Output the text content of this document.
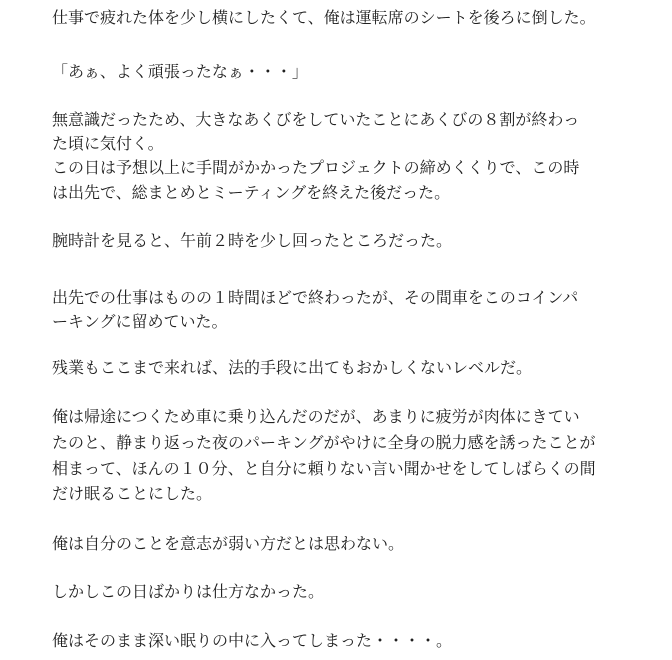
仕事で疲れた体を少し横にしたくて、俺は運転席のシートを後ろに倒した。
「あぁ、よく頑張ったなぁ・・・」
無意識だったため、大きなあくびをしていたことにあくびの８割が終わっ
た頃に気付く。
この日は予想以上に手間がかかったプロジェクトの締めくくりで、この時
は出先で、総まとめとミーティングを終えた後だった。
腕時計を見ると、午前２時を少し回ったところだった。
出先での仕事はものの１時間ほどで終わったが、その間車をこのコインパ
ーキングに留めていた。
残業もここまで来れば、法的手段に出てもおかしくないレベルだ。
俺は帰途につくため車に乗り込んだのだが、あまりに疲労が肉体にきてい
たのと、静まり返った夜のパーキングがやけに全身の脱力感を誘ったことが
相まって、ほんの１０分、と自分に頼りない言い聞かせをしてしばらくの間
だけ眠ることにした。
俺は自分のことを意志が弱い方だとは思わない。
しかしこの日ばかりは仕方なかった。
俺はそのまま深い眠りの中に入ってしまった・・・・。
